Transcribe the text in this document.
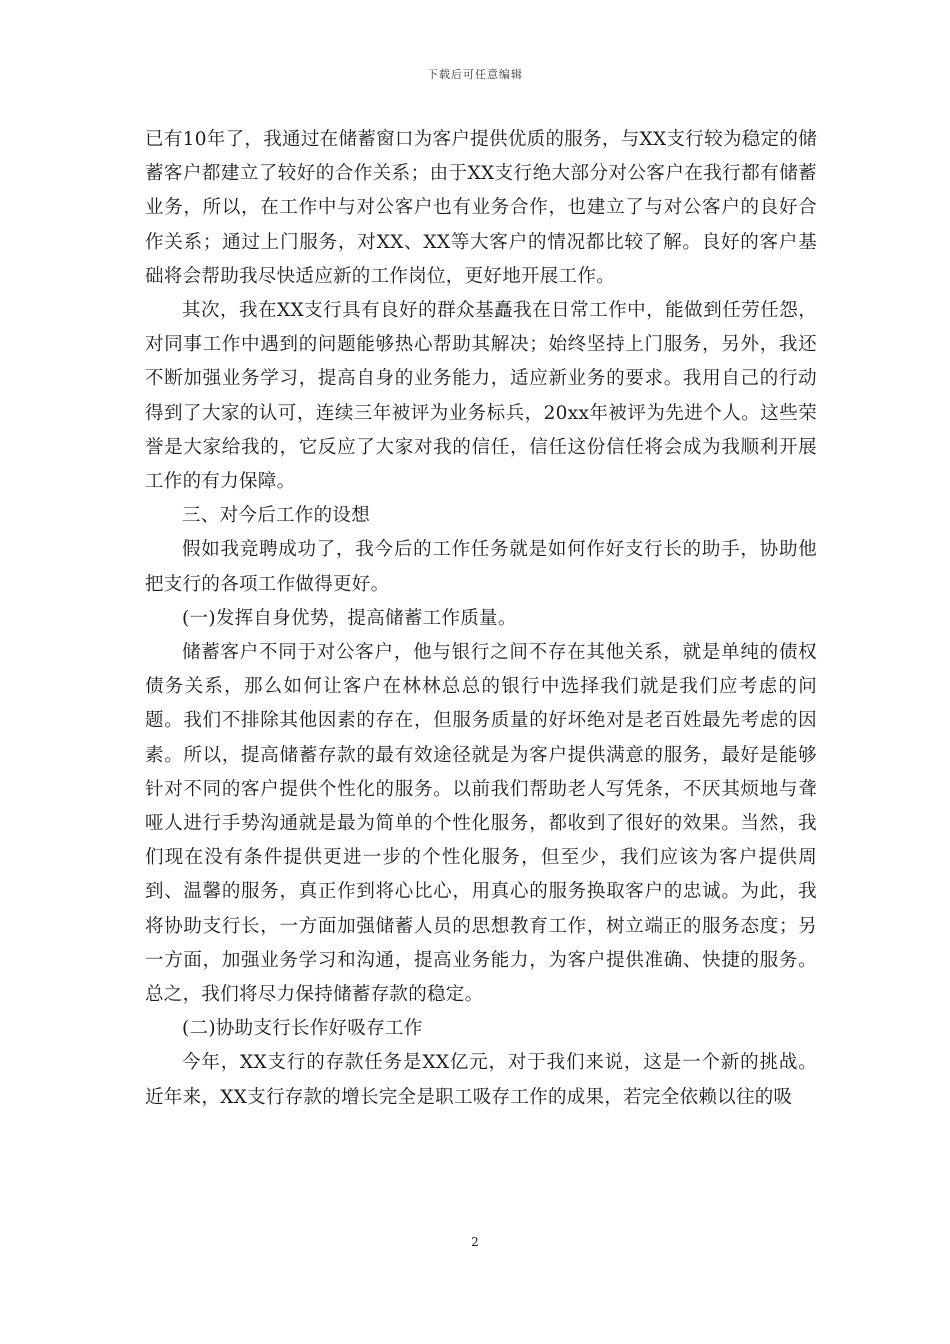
下载后可任意编辑

已有10年了，我通过在储蓄窗口为客户提供优质的服务，与XX支行较为稳定的储蓄客户都建立了较好的合作关系；由于XX支行绝大部分对公客户在我行都有储蓄业务，所以，在工作中与对公客户也有业务合作，也建立了与对公客户的良好合作关系；通过上门服务，对XX、XX等大客户的情况都比较了解。良好的客户基础将会帮助我尽快适应新的工作岗位，更好地开展工作。

其次，我在XX支行具有良好的群众基矗我在日常工作中，能做到任劳任怨，对同事工作中遇到的问题能够热心帮助其解决；始终坚持上门服务，另外，我还不断加强业务学习，提高自身的业务能力，适应新业务的要求。我用自己的行动得到了大家的认可，连续三年被评为业务标兵，20xx年被评为先进个人。这些荣誉是大家给我的，它反应了大家对我的信任，信任这份信任将会成为我顺利开展工作的有力保障。

三、对今后工作的设想

假如我竞聘成功了，我今后的工作任务就是如何作好支行长的助手，协助他把支行的各项工作做得更好。

(一)发挥自身优势，提高储蓄工作质量。

储蓄客户不同于对公客户，他与银行之间不存在其他关系，就是单纯的债权债务关系，那么如何让客户在林林总总的银行中选择我们就是我们应考虑的问题。我们不排除其他因素的存在，但服务质量的好坏绝对是老百姓最先考虑的因素。所以，提高储蓄存款的最有效途径就是为客户提供满意的服务，最好是能够针对不同的客户提供个性化的服务。以前我们帮助老人写凭条，不厌其烦地与聋哑人进行手势沟通就是最为简单的个性化服务，都收到了很好的效果。当然，我们现在没有条件提供更进一步的个性化服务，但至少，我们应该为客户提供周到、温馨的服务，真正作到将心比心，用真心的服务换取客户的忠诚。为此，我将协助支行长，一方面加强储蓄人员的思想教育工作，树立端正的服务态度；另一方面，加强业务学习和沟通，提高业务能力，为客户提供准确、快捷的服务。总之，我们将尽力保持储蓄存款的稳定。

(二)协助支行长作好吸存工作

今年，XX支行的存款任务是XX亿元，对于我们来说，这是一个新的挑战。近年来，XX支行存款的增长完全是职工吸存工作的成果，若完全依赖以往的吸

2
